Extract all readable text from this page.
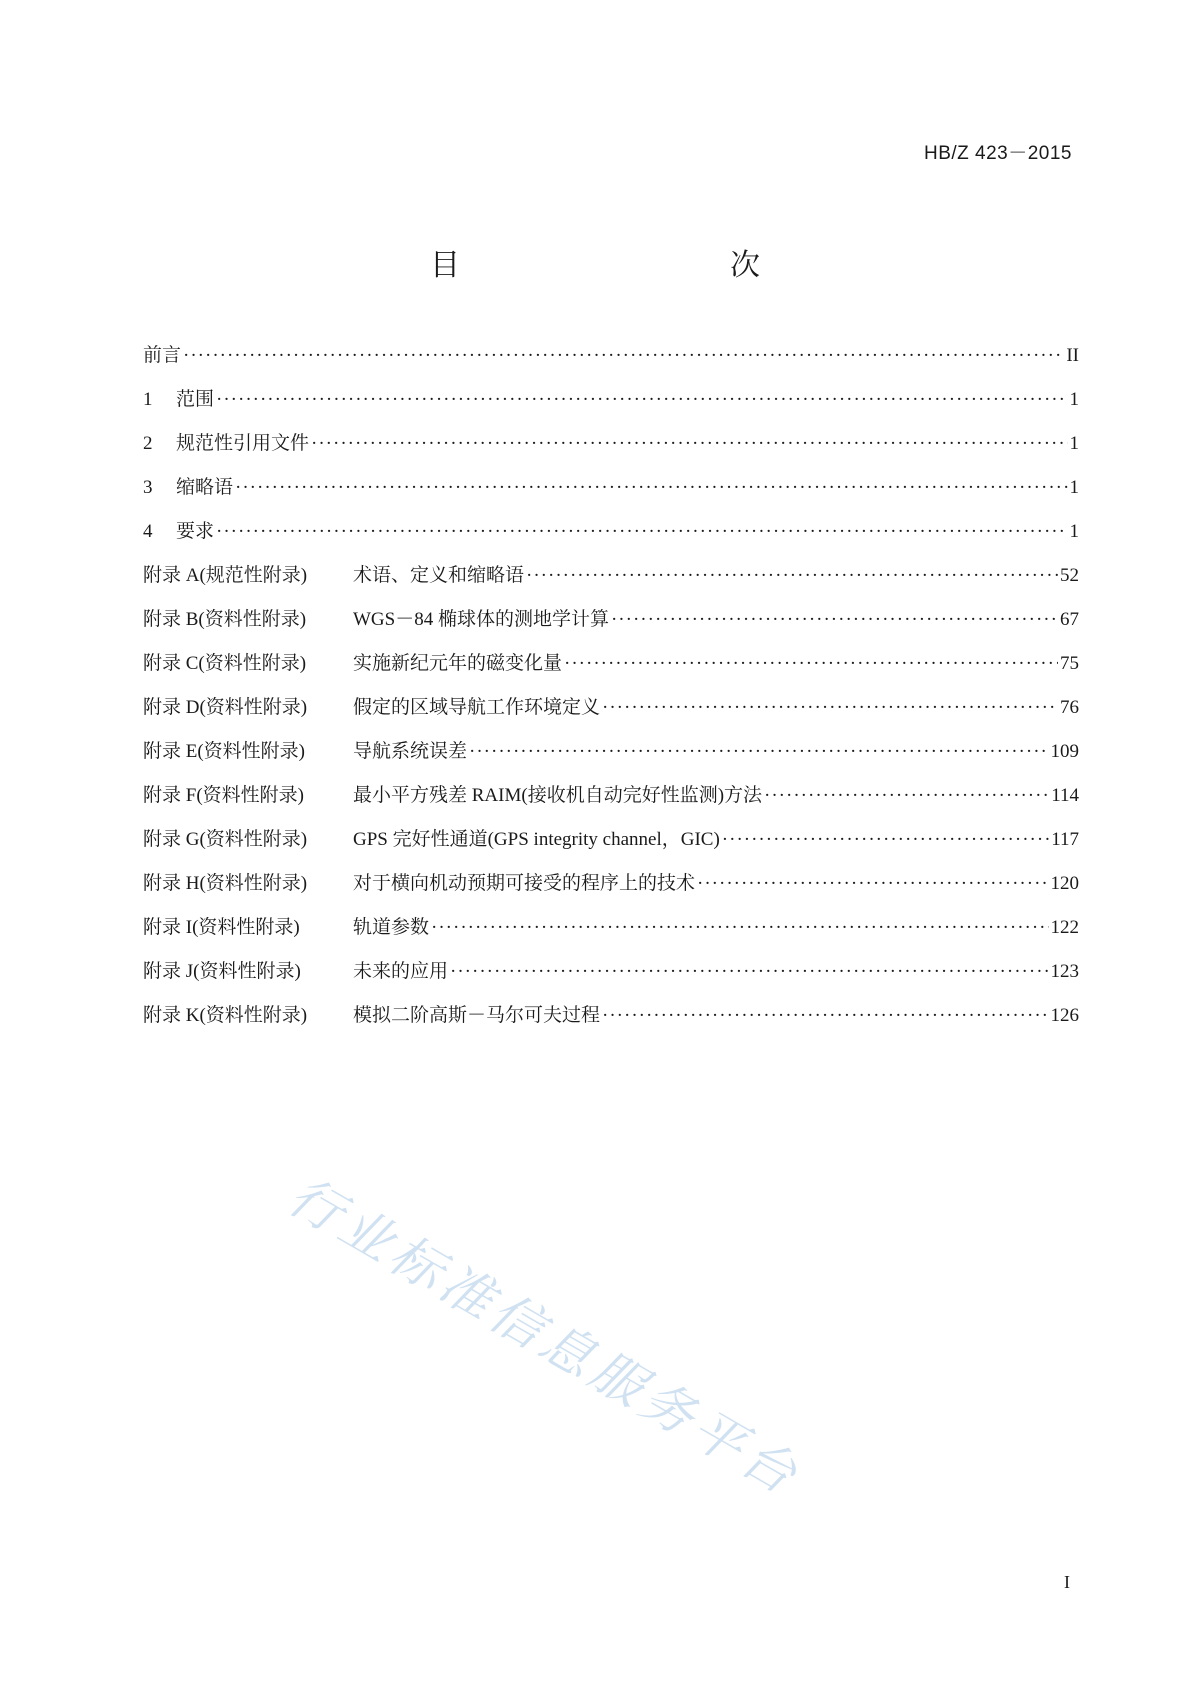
HB/Z 423－2015
目　　次
前言 ·····	II
1	范围 ·····	1
2	规范性引用文件 ·····	1
3	缩略语 ·····	1
4	要求 ·····	1
附录 A(规范性附录)	术语、定义和缩略语 ·····	52
附录 B(资料性附录)	WGS－84 椭球体的测地学计算 ·····	67
附录 C(资料性附录)	实施新纪元年的磁变化量 ·····	75
附录 D(资料性附录)	假定的区域导航工作环境定义 ·····	76
附录 E(资料性附录)	导航系统误差 ·····	109
附录 F(资料性附录)	最小平方残差 RAIM(接收机自动完好性监测)方法 ·····	114
附录 G(资料性附录)	GPS 完好性通道(GPS integrity channel，GIC) ·····	117
附录 H(资料性附录)	对于横向机动预期可接受的程序上的技术 ·····	120
附录 I(资料性附录)	轨道参数 ·····	122
附录 J(资料性附录)	未来的应用 ·····	123
附录 K(资料性附录)	模拟二阶高斯－马尔可夫过程 ·····	126
行业标准信息服务平台
I
